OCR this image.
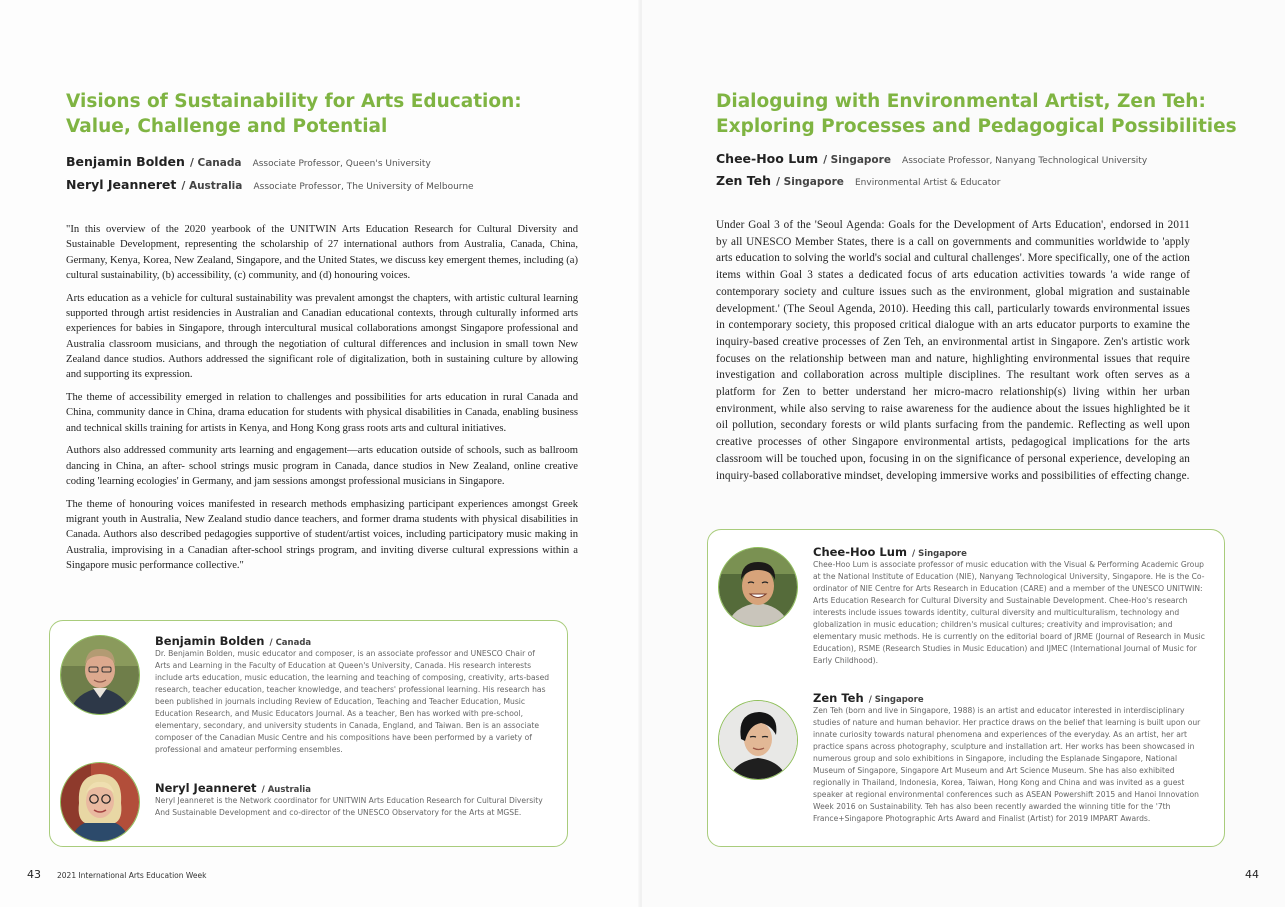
Visions of Sustainability for Arts Education:
Value, Challenge and Potential
Benjamin Bolden / Canada Associate Professor, Queen's University
Neryl Jeanneret / Australia Associate Professor, The University of Melbourne

"In this overview of the 2020 yearbook of the UNITWIN Arts Education Research for Cultural Diversity and Sustainable Development, representing the scholarship of 27 international authors from Australia, Canada, China, Germany, Kenya, Korea, New Zealand, Singapore, and the United States, we discuss key emergent themes, including (a) cultural sustainability, (b) accessibility, (c) community, and (d) honouring voices.

Arts education as a vehicle for cultural sustainability was prevalent amongst the chapters, with artistic cultural learning supported through artist residencies in Australian and Canadian educational contexts, through culturally informed arts experiences for babies in Singapore, through intercultural musical collaborations amongst Singapore professional and Australia classroom musicians, and through the negotiation of cultural differences and inclusion in small town New Zealand dance studios. Authors addressed the significant role of digitalization, both in sustaining culture by allowing and supporting its expression.

The theme of accessibility emerged in relation to challenges and possibilities for arts education in rural Canada and China, community dance in China, drama education for students with physical disabilities in Canada, enabling business and technical skills training for artists in Kenya, and Hong Kong grass roots arts and cultural initiatives.

Authors also addressed community arts learning and engagement—arts education outside of schools, such as ballroom dancing in China, an after- school strings music program in Canada, dance studios in New Zealand, online creative coding 'learning ecologies' in Germany, and jam sessions amongst professional musicians in Singapore.

The theme of honouring voices manifested in research methods emphasizing participant experiences amongst Greek migrant youth in Australia, New Zealand studio dance teachers, and former drama students with physical disabilities in Canada. Authors also described pedagogies supportive of student/artist voices, including participatory music making in Australia, improvising in a Canadian after-school strings program, and inviting diverse cultural expressions within a Singapore music performance collective."

Benjamin Bolden / Canada
Dr. Benjamin Bolden, music educator and composer, is an associate professor and UNESCO Chair of Arts and Learning in the Faculty of Education at Queen's University, Canada. His research interests include arts education, music education, the learning and teaching of composing, creativity, arts-based research, teacher education, teacher knowledge, and teachers' professional learning. His research has been published in journals including Review of Education, Teaching and Teacher Education, Music Education Research, and Music Educators Journal. As a teacher, Ben has worked with pre-school, elementary, secondary, and university students in Canada, England, and Taiwan. Ben is an associate composer of the Canadian Music Centre and his compositions have been performed by a variety of professional and amateur performing ensembles.
Neryl Jeanneret / Australia
Neryl Jeanneret is the Network coordinator for UNITWIN Arts Education Research for Cultural Diversity And Sustainable Development and co-director of the UNESCO Observatory for the Arts at MGSE.
43 2021 International Arts Education Week
Dialoguing with Environmental Artist, Zen Teh:
Exploring Processes and Pedagogical Possibilities
Chee-Hoo Lum / Singapore Associate Professor, Nanyang Technological University
Zen Teh / Singapore Environmental Artist & Educator

Under Goal 3 of the 'Seoul Agenda: Goals for the Development of Arts Education', endorsed in 2011 by all UNESCO Member States, there is a call on governments and communities worldwide to 'apply arts education to solving the world's social and cultural challenges'. More specifically, one of the action items within Goal 3 states a dedicated focus of arts education activities towards 'a wide range of contemporary society and culture issues such as the environment, global migration and sustainable development.' (The Seoul Agenda, 2010). Heeding this call, particularly towards environmental issues in contemporary society, this proposed critical dialogue with an arts educator purports to examine the inquiry-based creative processes of Zen Teh, an environmental artist in Singapore. Zen's artistic work focuses on the relationship between man and nature, highlighting environmental issues that require investigation and collaboration across multiple disciplines. The resultant work often serves as a platform for Zen to better understand her micro-macro relationship(s) living within her urban environment, while also serving to raise awareness for the audience about the issues highlighted be it oil pollution, secondary forests or wild plants surfacing from the pandemic. Reflecting as well upon creative processes of other Singapore environmental artists, pedagogical implications for the arts classroom will be touched upon, focusing in on the significance of personal experience, developing an inquiry-based collaborative mindset, developing immersive works and possibilities of effecting change.

Chee-Hoo Lum / Singapore
Chee-Hoo Lum is associate professor of music education with the Visual & Performing Academic Group at the National Institute of Education (NIE), Nanyang Technological University, Singapore. He is the Co-ordinator of NIE Centre for Arts Research in Education (CARE) and a member of the UNESCO UNITWIN: Arts Education Research for Cultural Diversity and Sustainable Development. Chee-Hoo's research interests include issues towards identity, cultural diversity and multiculturalism, technology and globalization in music education; children's musical cultures; creativity and improvisation; and elementary music methods. He is currently on the editorial board of JRME (Journal of Research in Music Education), RSME (Research Studies in Music Education) and IJMEC (International Journal of Music for Early Childhood).
Zen Teh / Singapore
Zen Teh (born and live in Singapore, 1988) is an artist and educator interested in interdisciplinary studies of nature and human behavior. Her practice draws on the belief that learning is built upon our innate curiosity towards natural phenomena and experiences of the everyday. As an artist, her art practice spans across photography, sculpture and installation art. Her works has been showcased in numerous group and solo exhibitions in Singapore, including the Esplanade Singapore, National Museum of Singapore, Singapore Art Museum and Art Science Museum. She has also exhibited regionally in Thailand, Indonesia, Korea, Taiwan, Hong Kong and China and was invited as a guest speaker at regional environmental conferences such as ASEAN Powershift 2015 and Hanoi Innovation Week 2016 on Sustainability. Teh has also been recently awarded the winning title for the '7th France+Singapore Photographic Arts Award and Finalist (Artist) for 2019 IMPART Awards.
44
